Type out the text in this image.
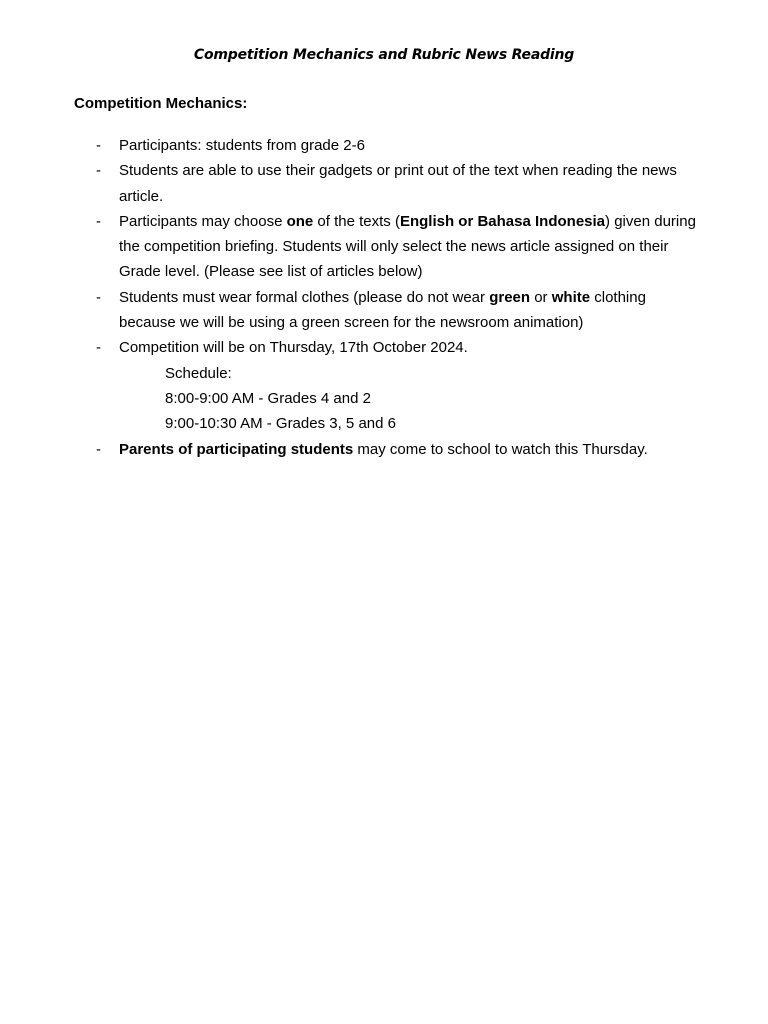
Competition Mechanics and Rubric News Reading
Competition Mechanics:
- Participants: students from grade 2-6
- Students are able to use their gadgets or print out of the text when reading the news article.
- Participants may choose one of the texts (English or Bahasa Indonesia) given during the competition briefing. Students will only select the news article assigned on their Grade level. (Please see list of articles below)
- Students must wear formal clothes (please do not wear green or white clothing because we will be using a green screen for the newsroom animation)
- Competition will be on Thursday, 17th October 2024.
Schedule:
8:00-9:00 AM - Grades 4 and 2
9:00-10:30 AM - Grades 3, 5 and 6
- Parents of participating students may come to school to watch this Thursday.
